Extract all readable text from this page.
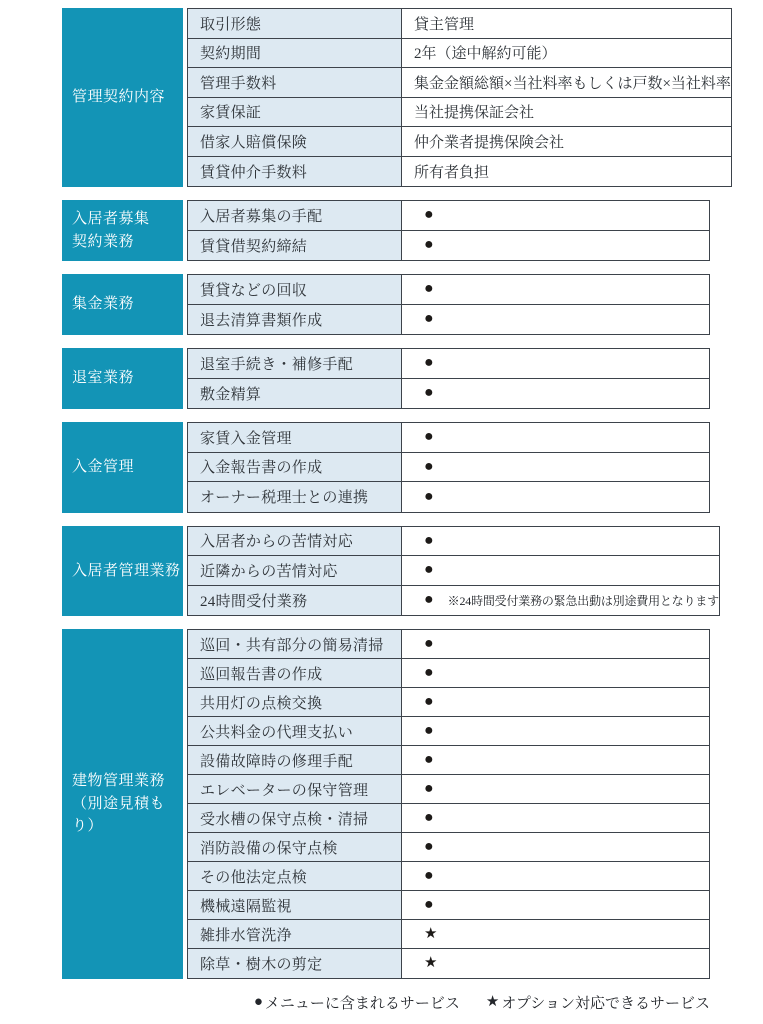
管理契約内容
取引形態	貸主管理
契約期間	2年（途中解約可能）
管理手数料	集金金額総額×当社料率もしくは戸数×当社料率
家賃保証	当社提携保証会社
借家人賠償保険	仲介業者提携保険会社
賃貸仲介手数料	所有者負担
入居者募集
契約業務
入居者募集の手配	●
賃貸借契約締結	●
集金業務
賃貸などの回収	●
退去清算書類作成	●
退室業務
退室手続き・補修手配	●
敷金精算	●
入金管理
家賃入金管理	●
入金報告書の作成	●
オーナー税理士との連携	●
入居者管理業務
入居者からの苦情対応	●
近隣からの苦情対応	●
24時間受付業務	● ※24時間受付業務の緊急出動は別途費用となります
建物管理業務
（別途見積もり）
巡回・共有部分の簡易清掃	●
巡回報告書の作成	●
共用灯の点検交換	●
公共料金の代理支払い	●
設備故障時の修理手配	●
エレベーターの保守管理	●
受水槽の保守点検・清掃	●
消防設備の保守点検	●
その他法定点検	●
機械遠隔監視	●
雑排水管洗浄	★
除草・樹木の剪定	★
● メニューに含まれるサービス ★ オプション対応できるサービス
